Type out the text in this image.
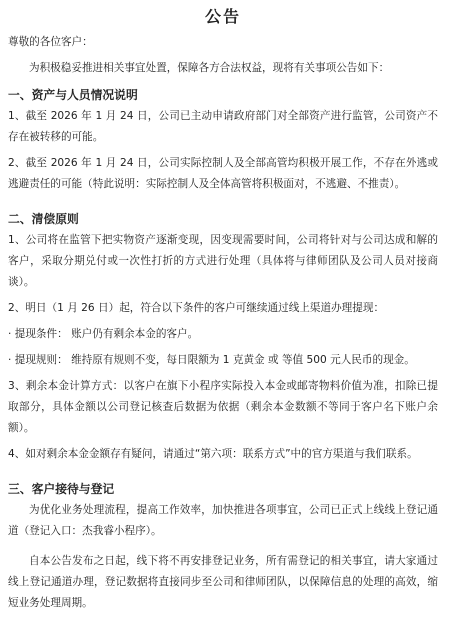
公告

尊敬的各位客户：

为积极稳妥推进相关事宜处置，保障各方合法权益，现将有关事项公告如下：

一、资产与人员情况说明

1、截至 2026 年 1 月 24 日，公司已主动申请政府部门对全部资产进行监管，公司资产不存在被转移的可能。

2、截至 2026 年 1 月 24 日，公司实际控制人及全部高管均积极开展工作，不存在外逃或逃避责任的可能（特此说明：实际控制人及全体高管将积极面对，不逃避、不推责）。

二、清偿原则

1、公司将在监管下把实物资产逐渐变现，因变现需要时间，公司将针对与公司达成和解的客户，采取分期兑付或一次性打折的方式进行处理（具体将与律师团队及公司人员对接商谈）。

2、明日（1 月 26 日）起，符合以下条件的客户可继续通过线上渠道办理提现：

· 提现条件： 账户仍有剩余本金的客户。

· 提现规则： 维持原有规则不变，每日限额为 1 克黄金 或 等值 500 元人民币的现金。

3、剩余本金计算方式：以客户在旗下小程序实际投入本金或邮寄物料价值为准，扣除已提取部分，具体金额以公司登记核查后数据为依据（剩余本金数额不等同于客户名下账户余额）。

4、如对剩余本金金额存有疑问，请通过“第六项：联系方式”中的官方渠道与我们联系。

三、客户接待与登记

为优化业务处理流程，提高工作效率，加快推进各项事宜，公司已正式上线线上登记通道（登记入口：杰我睿小程序）。

自本公告发布之日起，线下将不再安排登记业务，所有需登记的相关事宜，请大家通过线上登记通道办理，登记数据将直接同步至公司和律师团队，以保障信息的处理的高效，缩短业务处理周期。
